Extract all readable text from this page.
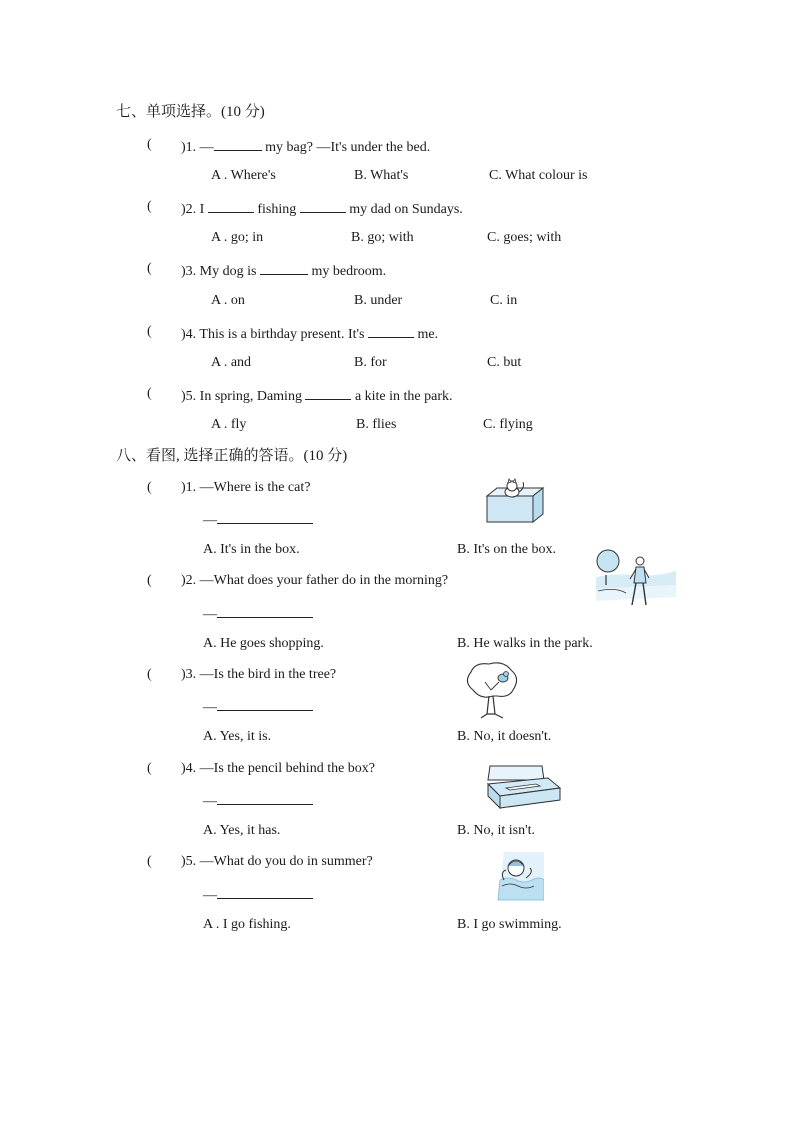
七、单项选择。(10 分)
( )1. —	my bag? —It's under the bed.
A . Where's	B. What's	C. What colour is
( )2. I	fishing	my dad on Sundays.
A . go; in	B. go; with	C. goes; with
( )3. My dog is	my bedroom.
A . on	B. under	C. in
( )4. This is a birthday present. It's	me.
A . and	B. for	C. but
( )5. In spring, Daming	a kite in the park.
A . fly	B. flies	C. flying
八、看图, 选择正确的答语。(10 分)
( )1. —Where is the cat?
—
A. It's in the box.	B. It's on the box.
( )2. —What does your father do in the morning?
—
A. He goes shopping.	B. He walks in the park.
( )3. —Is the bird in the tree?
—
A. Yes, it is.	B. No, it doesn't.
( )4. —Is the pencil behind the box?
—
A. Yes, it has.	B. No, it isn't.
( )5. —What do you do in summer?
—
A . I go fishing.	B. I go swimming.
